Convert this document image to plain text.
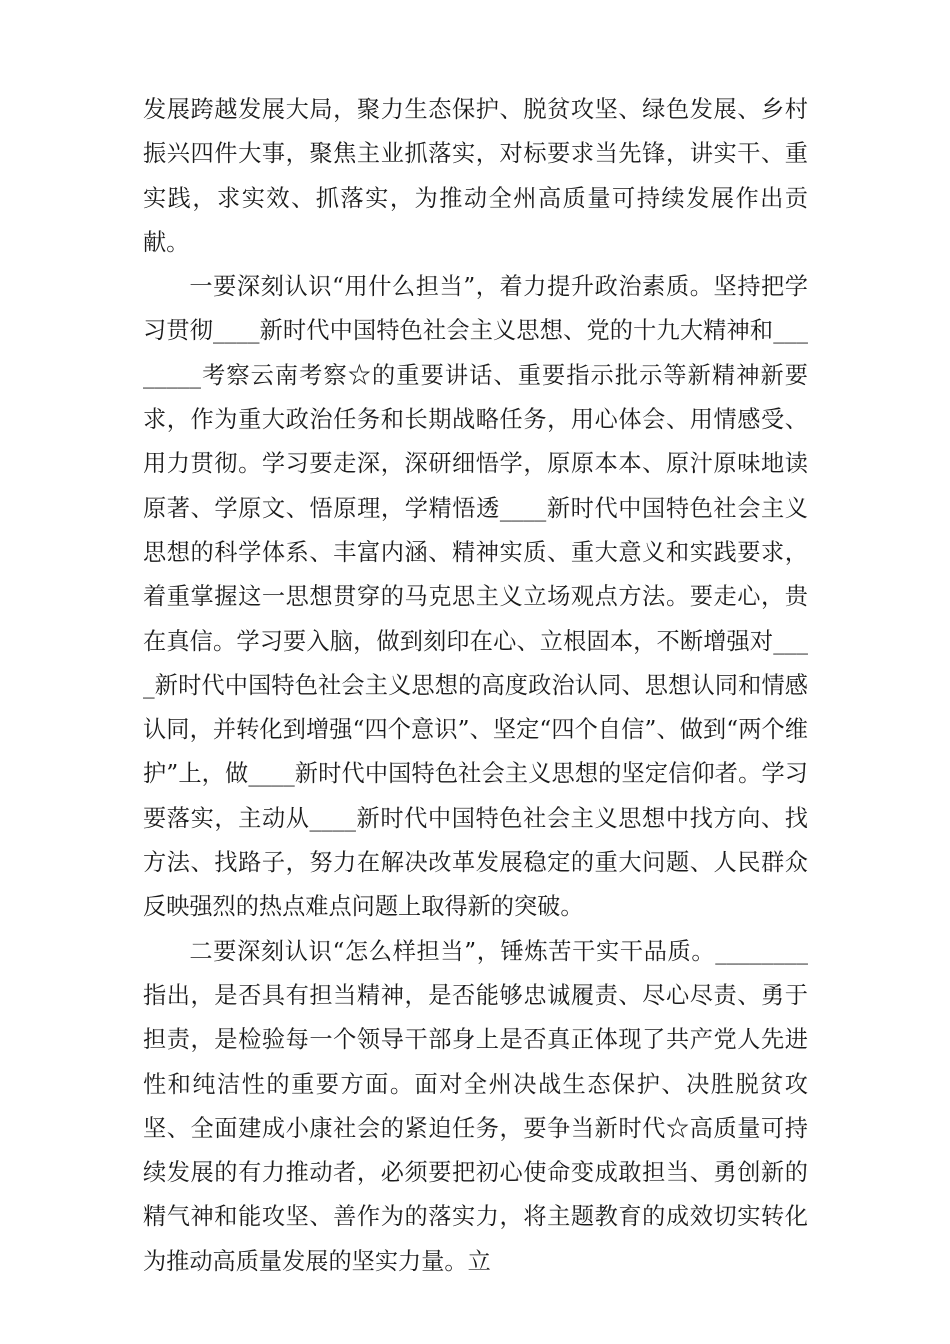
发展跨越发展大局，聚力生态保护、脱贫攻坚、绿色发展、乡村振兴四件大事，聚焦主业抓落实，对标要求当先锋，讲实干、重实践，求实效、抓落实，为推动全州高质量可持续发展作出贡献。

一要深刻认识“用什么担当”，着力提升政治素质。坚持把学习贯彻____新时代中国特色社会主义思想、党的十九大精神和________考察云南考察☆的重要讲话、重要指示批示等新精神新要求，作为重大政治任务和长期战略任务，用心体会、用情感受、用力贯彻。学习要走深，深研细悟学，原原本本、原汁原味地读原著、学原文、悟原理，学精悟透____新时代中国特色社会主义思想的科学体系、丰富内涵、精神实质、重大意义和实践要求，着重掌握这一思想贯穿的马克思主义立场观点方法。要走心，贵在真信。学习要入脑，做到刻印在心、立根固本，不断增强对____新时代中国特色社会主义思想的高度政治认同、思想认同和情感认同，并转化到增强“四个意识”、坚定“四个自信”、做到“两个维护”上，做____新时代中国特色社会主义思想的坚定信仰者。学习要落实，主动从____新时代中国特色社会主义思想中找方向、找方法、找路子，努力在解决改革发展稳定的重大问题、人民群众反映强烈的热点难点问题上取得新的突破。

二要深刻认识“怎么样担当”，锤炼苦干实干品质。________指出，是否具有担当精神，是否能够忠诚履责、尽心尽责、勇于担责，是检验每一个领导干部身上是否真正体现了共产党人先进性和纯洁性的重要方面。面对全州决战生态保护、决胜脱贫攻坚、全面建成小康社会的紧迫任务，要争当新时代☆高质量可持续发展的有力推动者，必须要把初心使命变成敢担当、勇创新的精气神和能攻坚、善作为的落实力，将主题教育的成效切实转化为推动高质量发展的坚实力量。立
